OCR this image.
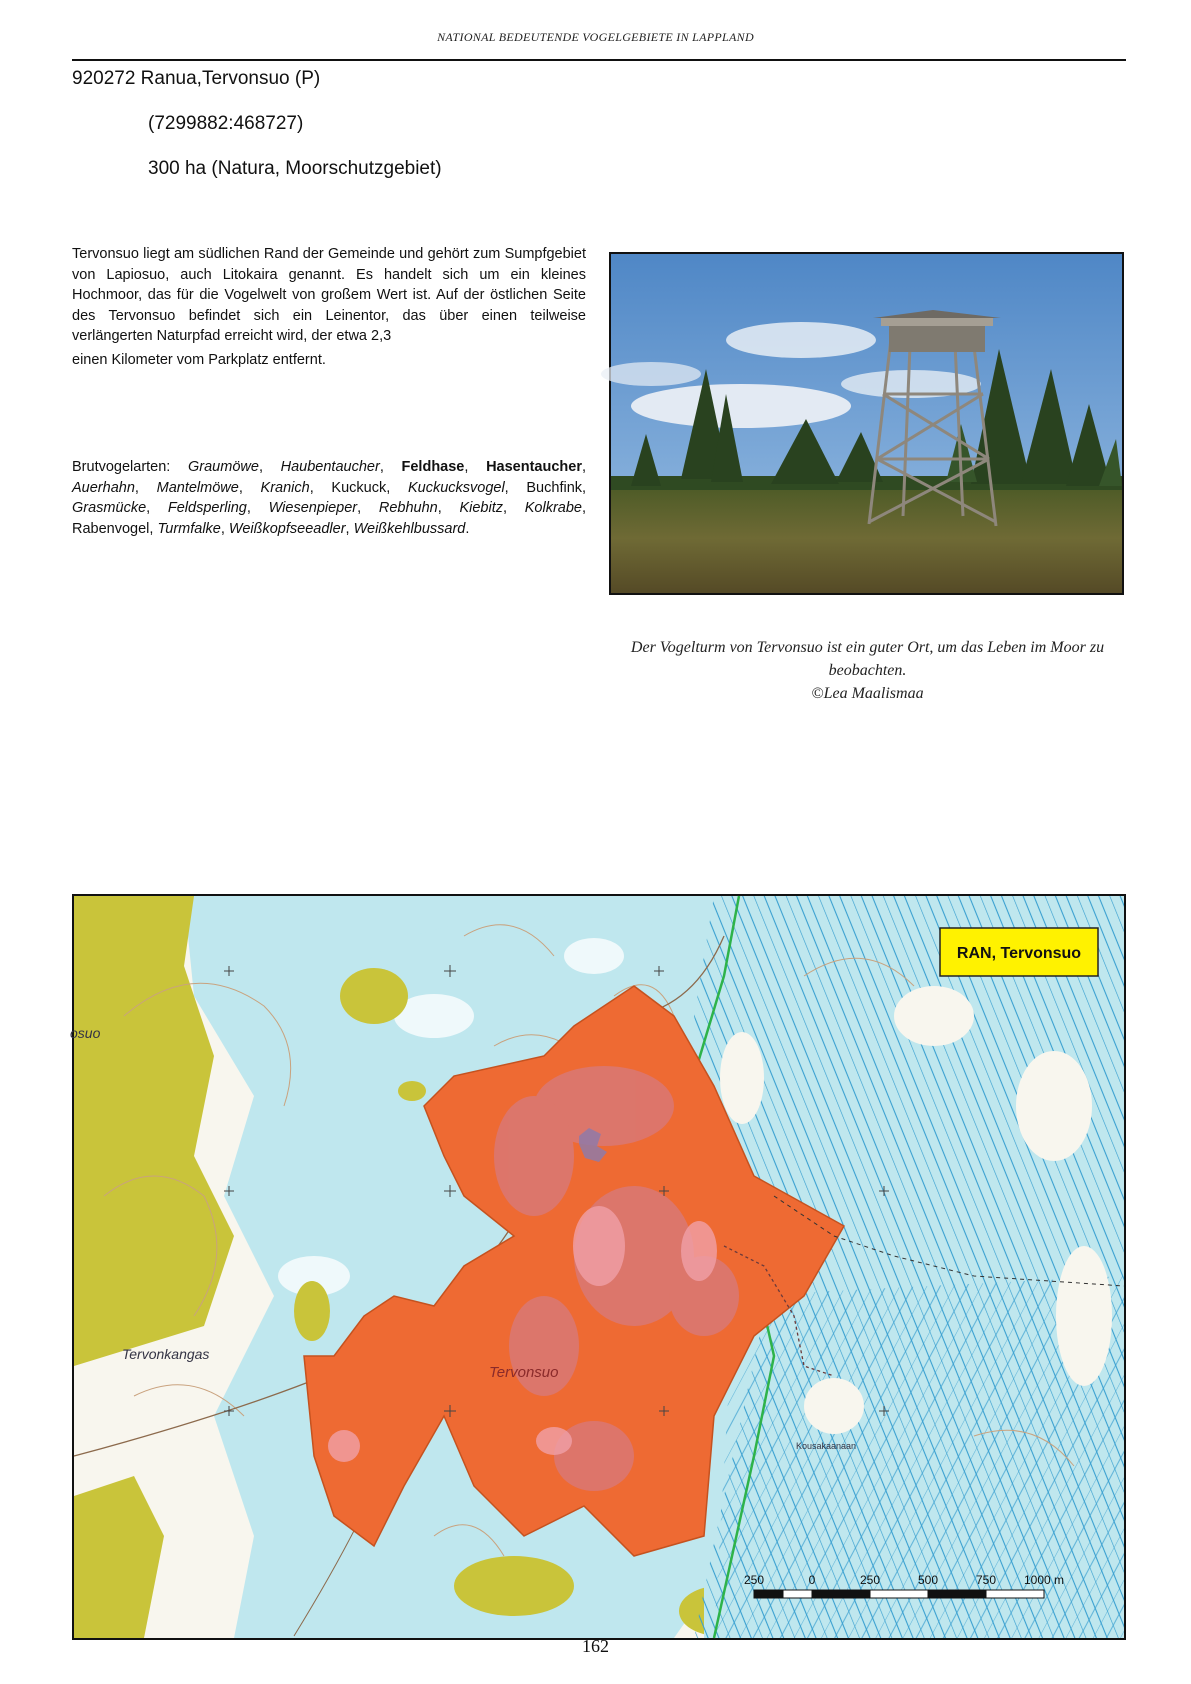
NATIONAL BEDEUTENDE VOGELGEBIETE IN LAPPLAND
920272 Ranua,Tervonsuo (P)
(7299882:468727)
300 ha (Natura, Moorschutzgebiet)

Tervonsuo liegt am südlichen Rand der Gemeinde und gehört zum Sumpfgebiet von Lapiosuo, auch Litokaira genannt. Es handelt sich um ein kleines Hochmoor, das für die Vogelwelt von großem Wert ist. Auf der östlichen Seite des Tervonsuo befindet sich ein Leinentor, das über einen teilweise verlängerten Naturpfad erreicht wird, der etwa 2,3

einen Kilometer vom Parkplatz entfernt.

Brutvogelarten: Graumöwe, Haubentaucher, Feldhase, Hasentaucher, Auerhahn, Mantelmöwe, Kranich, Kuckuck, Kuckucksvogel, Buchfink, Grasmücke, Feldsperling, Wiesenpieper, Rebhuhn, Kiebitz, Kolkrabe, Rabenvogel, Turmfalke, Weißkopfseeadler, Weißkehlbussard.
Der Vogelturm von Tervonsuo ist ein guter Ort, um das Leben im Moor zu beobachten.
©Lea Maalismaa
osuo
Tervonkangas
Tervonsuo
Kousakaanaan
RAN, Tervonsuo
250	0	250	500	750 1000 m
162
